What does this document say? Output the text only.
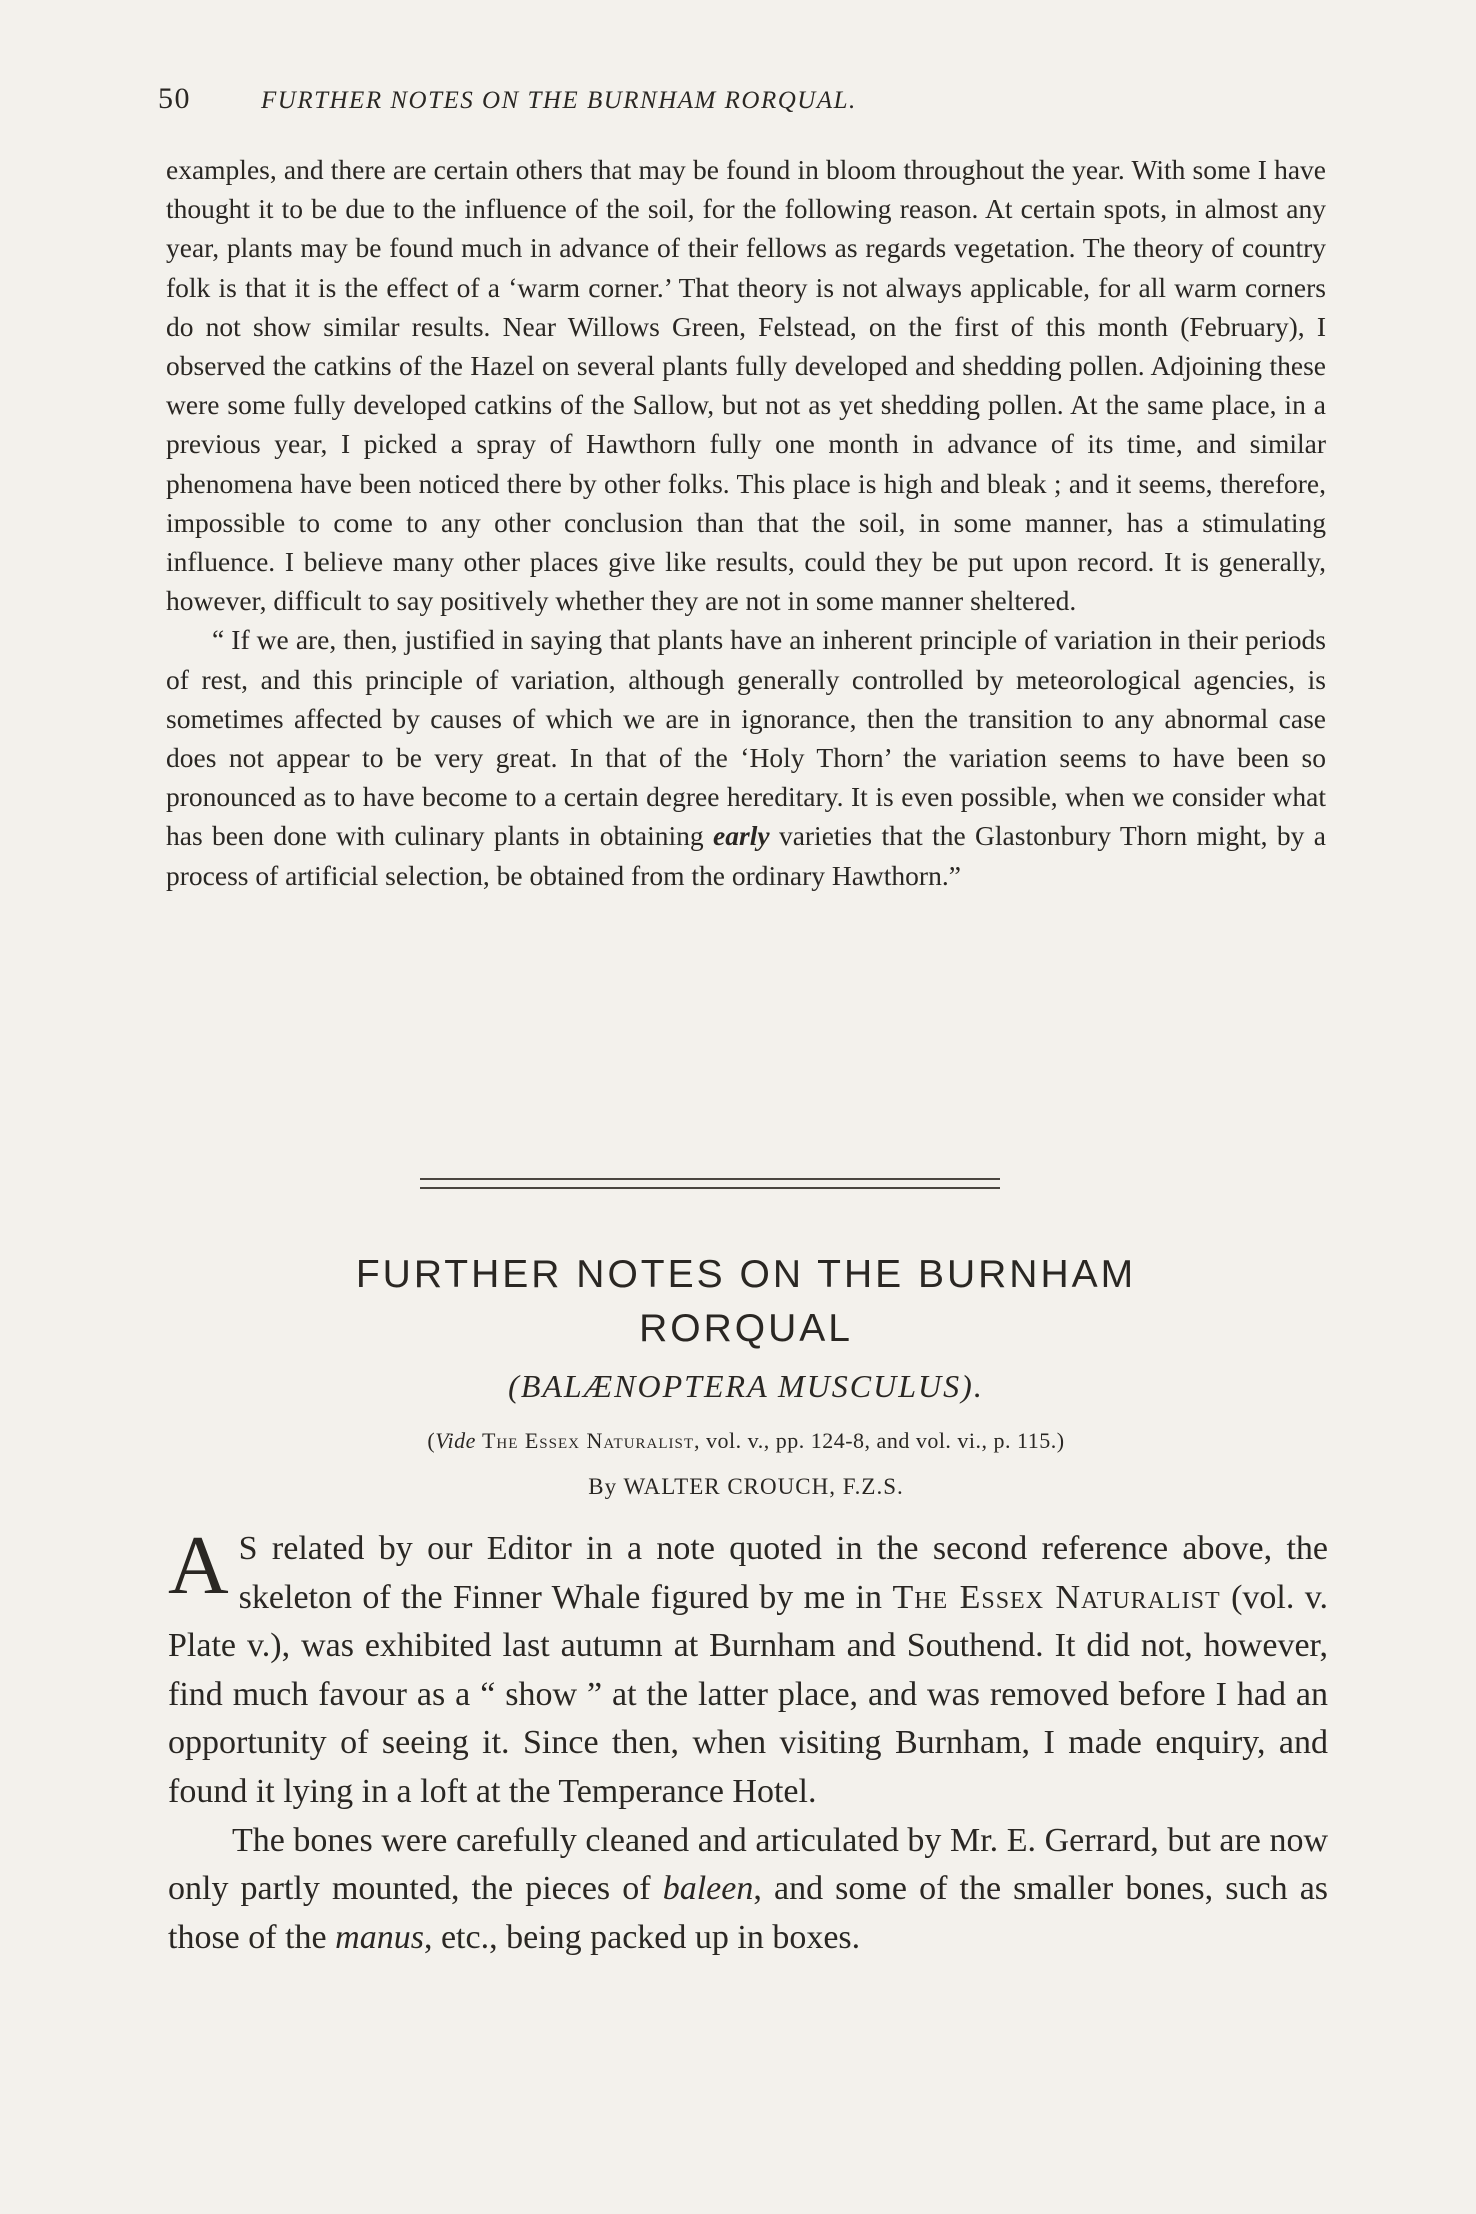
50	FURTHER NOTES ON THE BURNHAM RORQUAL.

examples, and there are certain others that may be found in bloom throughout the year. With some I have thought it to be due to the influence of the soil, for the following reason. At certain spots, in almost any year, plants may be found much in advance of their fellows as regards vegetation. The theory of country folk is that it is the effect of a ‘warm corner.’ That theory is not always applicable, for all warm corners do not show similar results. Near Willows Green, Felstead, on the first of this month (February), I observed the catkins of the Hazel on several plants fully developed and shedding pollen. Adjoining these were some fully developed catkins of the Sallow, but not as yet shedding pollen. At the same place, in a previous year, I picked a spray of Hawthorn fully one month in advance of its time, and similar phenomena have been noticed there by other folks. This place is high and bleak ; and it seems, therefore, impossible to come to any other conclusion than that the soil, in some manner, has a stimulating influence. I believe many other places give like results, could they be put upon record. It is generally, however, difficult to say positively whether they are not in some manner sheltered.

“ If we are, then, justified in saying that plants have an inherent principle of variation in their periods of rest, and this principle of variation, although generally controlled by meteorological agencies, is sometimes affected by causes of which we are in ignorance, then the transition to any abnormal case does not appear to be very great. In that of the ‘Holy Thorn’ the variation seems to have been so pronounced as to have become to a certain degree hereditary. It is even possible, when we consider what has been done with culinary plants in obtaining early varieties that the Glastonbury Thorn might, by a process of artificial selection, be obtained from the ordinary Hawthorn.”

FURTHER NOTES ON THE BURNHAM
RORQUAL
(BALÆNOPTERA MUSCULUS).
(Vide The Essex Naturalist, vol. v., pp. 124-8, and vol. vi., p. 115.)
By WALTER CROUCH, F.Z.S.

A S related by our Editor in a note quoted in the second reference above, the skeleton of the Finner Whale figured by me in The Essex Naturalist (vol. v. Plate v.), was exhibited last autumn at Burnham and Southend. It did not, however, find much favour as a “ show ” at the latter place, and was removed before I had an opportunity of seeing it. Since then, when visiting Burnham, I made enquiry, and found it lying in a loft at the Temperance Hotel.

The bones were carefully cleaned and articulated by Mr. E. Gerrard, but are now only partly mounted, the pieces of baleen, and some of the smaller bones, such as those of the manus, etc., being packed up in boxes.
